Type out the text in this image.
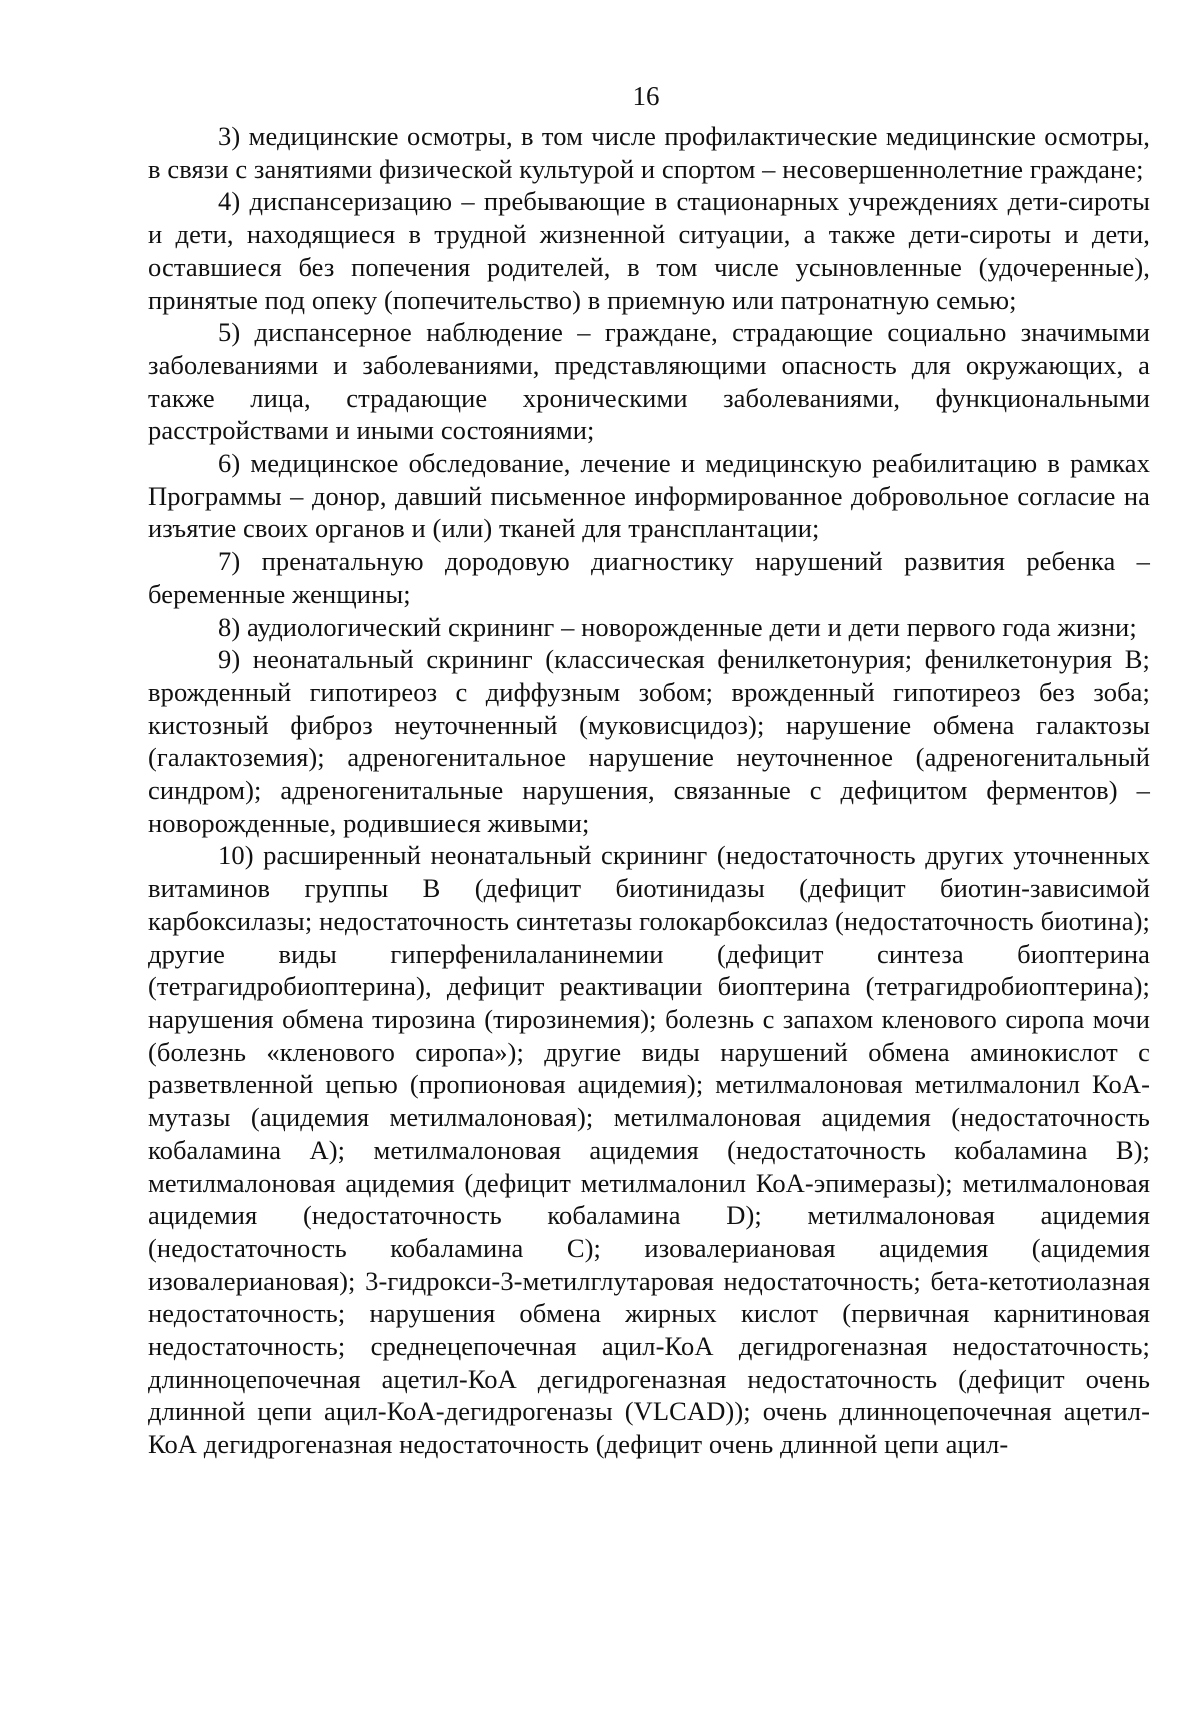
16

3) медицинские осмотры, в том числе профилактические медицинские осмотры, в связи с занятиями физической культурой и спортом – несовершеннолетние граждане;

4) диспансеризацию – пребывающие в стационарных учреждениях дети-сироты и дети, находящиеся в трудной жизненной ситуации, а также дети-сироты и дети, оставшиеся без попечения родителей, в том числе усыновленные (удочеренные), принятые под опеку (попечительство) в приемную или патронатную семью;

5) диспансерное наблюдение – граждане, страдающие социально значимыми заболеваниями и заболеваниями, представляющими опасность для окружающих, а также лица, страдающие хроническими заболеваниями, функциональными расстройствами и иными состояниями;

6) медицинское обследование, лечение и медицинскую реабилитацию в рамках Программы – донор, давший письменное информированное добровольное согласие на изъятие своих органов и (или) тканей для трансплантации;

7) пренатальную дородовую диагностику нарушений развития ребенка – беременные женщины;

8) аудиологический скрининг – новорожденные дети и дети первого года жизни;

9) неонатальный скрининг (классическая фенилкетонурия; фенилкетонурия B; врожденный гипотиреоз с диффузным зобом; врожденный гипотиреоз без зоба; кистозный фиброз неуточненный (муковисцидоз); нарушение обмена галактозы (галактоземия); адреногенитальное нарушение неуточненное (адреногенитальный синдром); адреногенитальные нарушения, связанные с дефицитом ферментов) – новорожденные, родившиеся живыми;

10) расширенный неонатальный скрининг (недостаточность других уточненных витаминов группы B (дефицит биотинидазы (дефицит биотин-зависимой карбоксилазы; недостаточность синтетазы голокарбоксилаз (недостаточность биотина); другие виды гиперфенилаланинемии (дефицит синтеза биоптерина (тетрагидробиоптерина), дефицит реактивации биоптерина (тетрагидробиоптерина); нарушения обмена тирозина (тирозинемия); болезнь с запахом кленового сиропа мочи (болезнь «кленового сиропа»); другие виды нарушений обмена аминокислот с разветвленной цепью (пропионовая ацидемия); метилмалоновая метилмалонил КоА-мутазы (ацидемия метилмалоновая); метилмалоновая ацидемия (недостаточность кобаламина A); метилмалоновая ацидемия (недостаточность кобаламина B); метилмалоновая ацидемия (дефицит метилмалонил КоА-эпимеразы); метилмалоновая ацидемия (недостаточность кобаламина D); метилмалоновая ацидемия (недостаточность кобаламина C); изовалериановая ацидемия (ацидемия изовалериановая); 3-гидрокси-3-метилглутаровая недостаточность; бета-кетотиолазная недостаточность; нарушения обмена жирных кислот (первичная карнитиновая недостаточность; среднецепочечная ацил-КоА дегидрогеназная недостаточность; длинноцепочечная ацетил-КоА дегидрогеназная недостаточность (дефицит очень длинной цепи ацил-КоА-дегидрогеназы (VLCAD)); очень длинноцепочечная ацетил-КоА дегидрогеназная недостаточность (дефицит очень длинной цепи ацил-
